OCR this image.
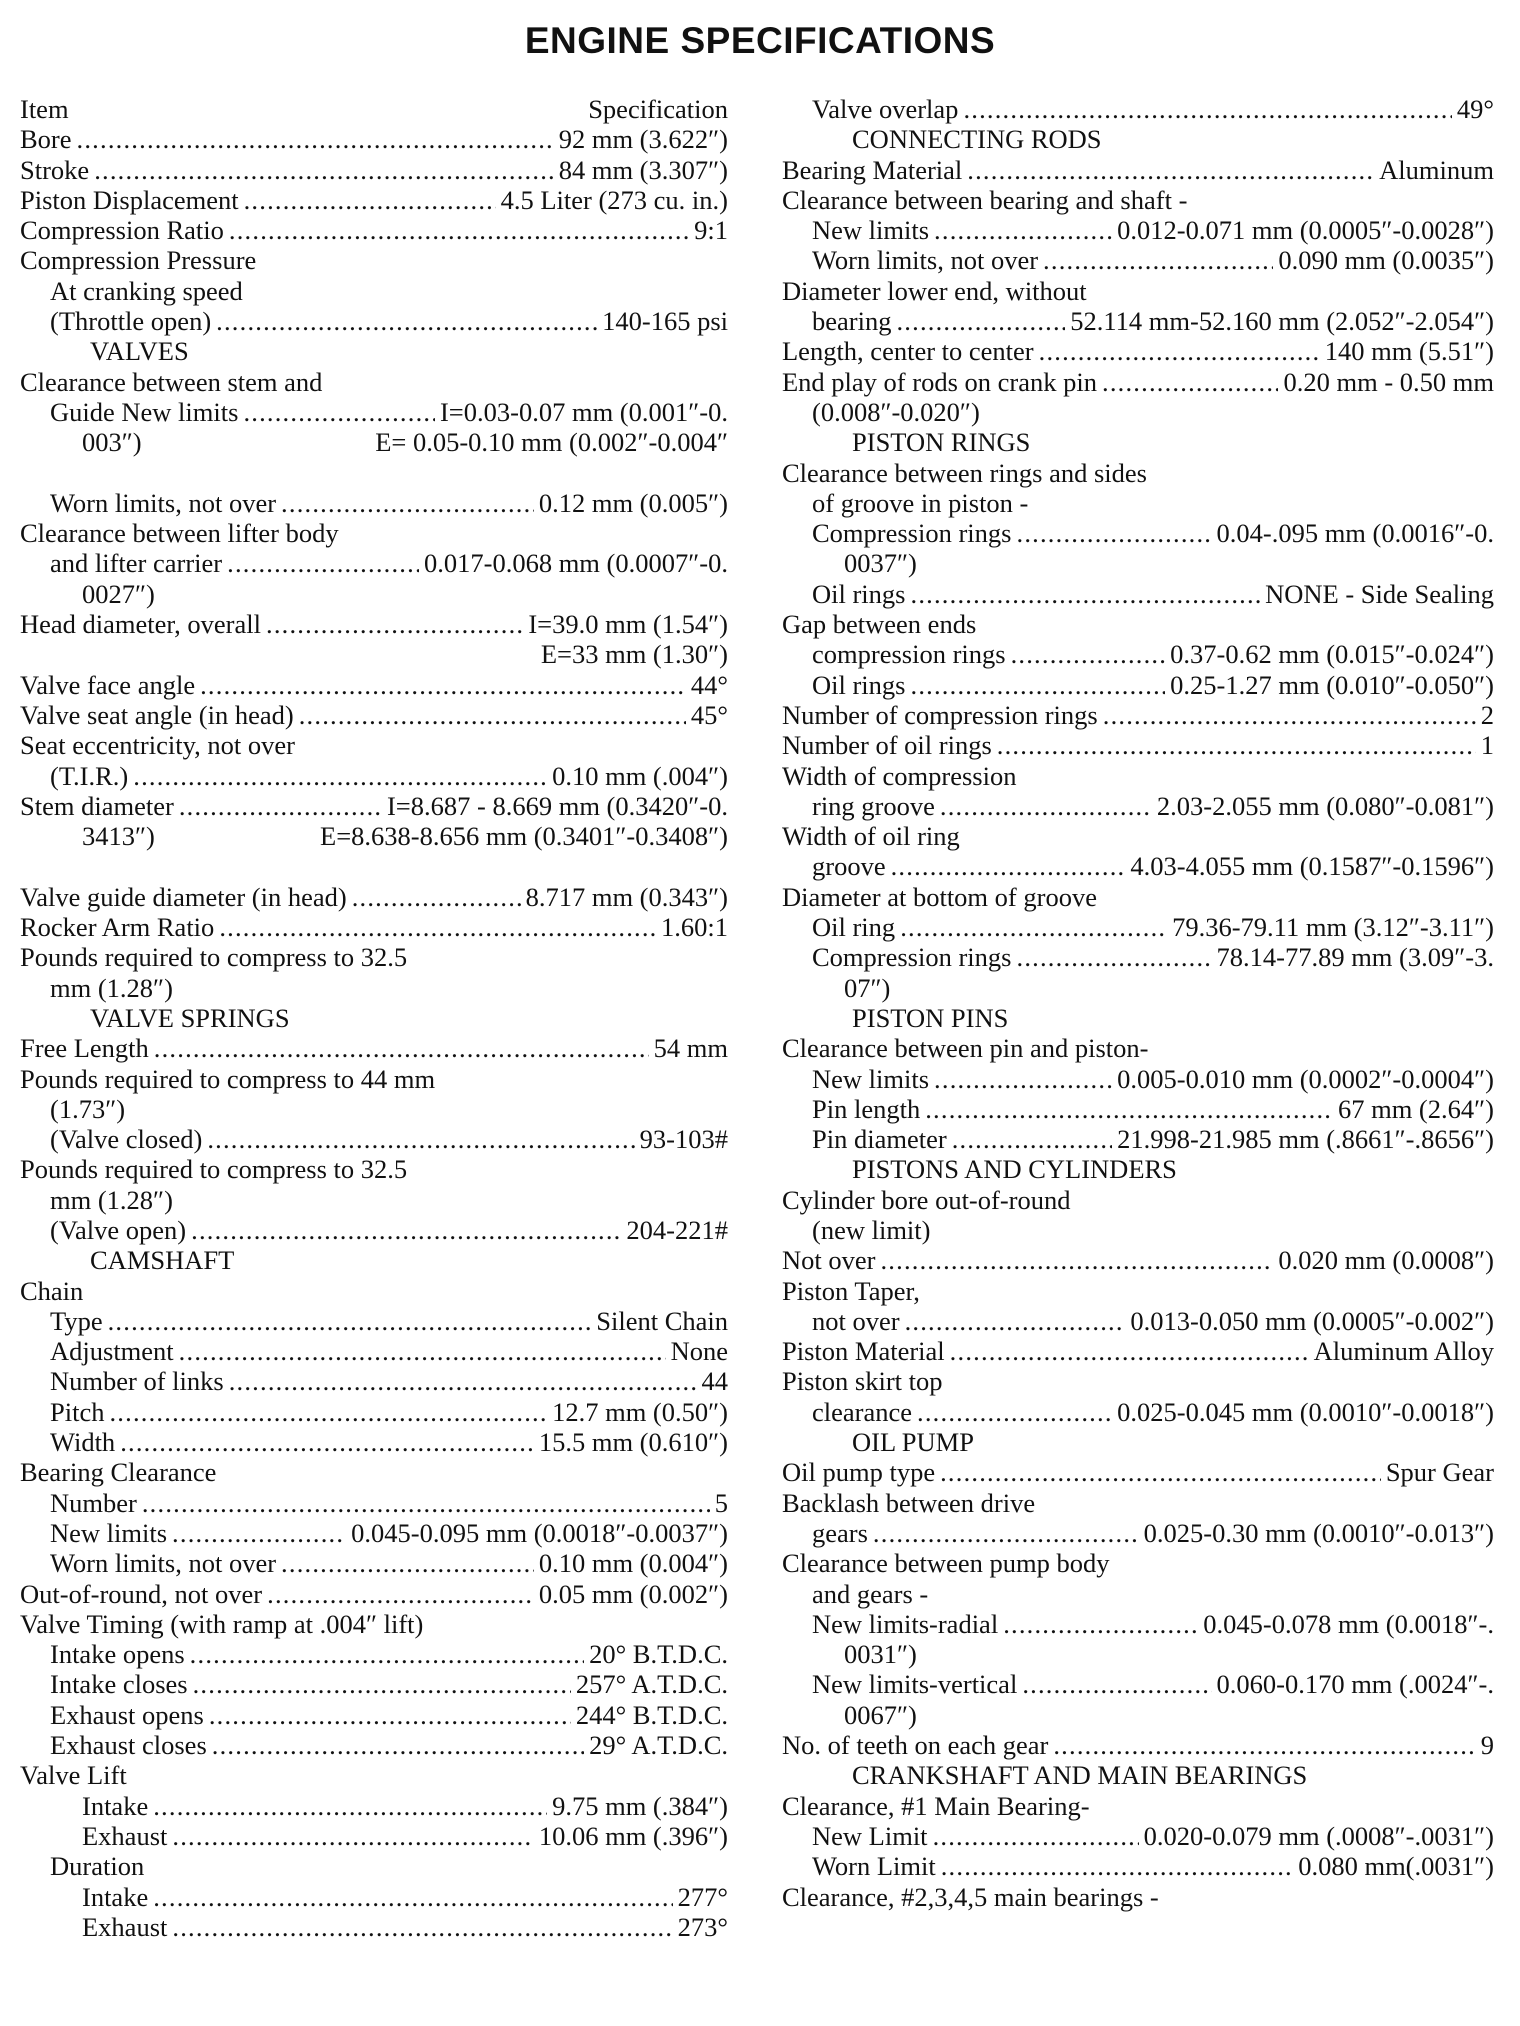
ENGINE SPECIFICATIONS
Item	Specification
Bore .....	92 mm (3.622″)
Stroke .....	84 mm (3.307″)
Piston Displacement .....	4.5 Liter (273 cu. in.)
Compression Ratio .....	9:1
Compression Pressure
At cranking speed
(Throttle open) .....	140-165 psi
VALVES
Clearance between stem and
Guide New limits .....	I=0.03-0.07 mm (0.001″-0.
003″)	E= 0.05-0.10 mm (0.002″-0.004″
Worn limits, not over .....	0.12 mm (0.005″)
Clearance between lifter body
and lifter carrier .....	0.017-0.068 mm (0.0007″-0.
0027″)
Head diameter, overall .....	I=39.0 mm (1.54″)
E=33 mm (1.30″)
Valve face angle .....	44°
Valve seat angle (in head) .....	45°
Seat eccentricity, not over
(T.I.R.) .....	0.10 mm (.004″)
Stem diameter .....	I=8.687 - 8.669 mm (0.3420″-0.
3413″)	E=8.638-8.656 mm (0.3401″-0.3408″)
Valve guide diameter (in head) .....	8.717 mm (0.343″)
Rocker Arm Ratio .....	1.60:1
Pounds required to compress to 32.5
mm (1.28″)
VALVE SPRINGS
Free Length .....	54 mm
Pounds required to compress to 44 mm
(1.73″)
(Valve closed) .....	93-103#
Pounds required to compress to 32.5
mm (1.28″)
(Valve open) .....	204-221#
CAMSHAFT
Chain
Type .....	Silent Chain
Adjustment .....	None
Number of links .....	44
Pitch .....	12.7 mm (0.50″)
Width .....	15.5 mm (0.610″)
Bearing Clearance
Number .....	5
New limits .....	0.045-0.095 mm (0.0018″-0.0037″)
Worn limits, not over .....	0.10 mm (0.004″)
Out-of-round, not over .....	0.05 mm (0.002″)
Valve Timing (with ramp at .004″ lift)
Intake opens .....	20° B.T.D.C.
Intake closes .....	257° A.T.D.C.
Exhaust opens .....	244° B.T.D.C.
Exhaust closes .....	29° A.T.D.C.
Valve Lift
Intake .....	9.75 mm (.384″)
Exhaust .....	10.06 mm (.396″)
Duration
Intake .....	277°
Exhaust .....	273°
Valve overlap .....	49°
CONNECTING RODS
Bearing Material .....	Aluminum
Clearance between bearing and shaft -
New limits .....	0.012-0.071 mm (0.0005″-0.0028″)
Worn limits, not over .....	0.090 mm (0.0035″)
Diameter lower end, without
bearing .....	52.114 mm-52.160 mm (2.052″-2.054″)
Length, center to center .....	140 mm (5.51″)
End play of rods on crank pin .....	0.20 mm - 0.50 mm
(0.008″-0.020″)
PISTON RINGS
Clearance between rings and sides
of groove in piston -
Compression rings .....	0.04-.095 mm (0.0016″-0.
0037″)
Oil rings .....	NONE - Side Sealing
Gap between ends
compression rings .....	0.37-0.62 mm (0.015″-0.024″)
Oil rings .....	0.25-1.27 mm (0.010″-0.050″)
Number of compression rings .....	2
Number of oil rings .....	1
Width of compression
ring groove .....	2.03-2.055 mm (0.080″-0.081″)
Width of oil ring
groove .....	4.03-4.055 mm (0.1587″-0.1596″)
Diameter at bottom of groove
Oil ring .....	79.36-79.11 mm (3.12″-3.11″)
Compression rings .....	78.14-77.89 mm (3.09″-3.
07″)
PISTON PINS
Clearance between pin and piston-
New limits .....	0.005-0.010 mm (0.0002″-0.0004″)
Pin length .....	67 mm (2.64″)
Pin diameter .....	21.998-21.985 mm (.8661″-.8656″)
PISTONS AND CYLINDERS
Cylinder bore out-of-round
(new limit)
Not over .....	0.020 mm (0.0008″)
Piston Taper,
not over .....	0.013-0.050 mm (0.0005″-0.002″)
Piston Material .....	Aluminum Alloy
Piston skirt top
clearance .....	0.025-0.045 mm (0.0010″-0.0018″)
OIL PUMP
Oil pump type .....	Spur Gear
Backlash between drive
gears .....	0.025-0.30 mm (0.0010″-0.013″)
Clearance between pump body
and gears -
New limits-radial .....	0.045-0.078 mm (0.0018″-.
0031″)
New limits-vertical .....	0.060-0.170 mm (.0024″-.
0067″)
No. of teeth on each gear .....	9
CRANKSHAFT AND MAIN BEARINGS
Clearance, #1 Main Bearing-
New Limit .....	0.020-0.079 mm (.0008″-.0031″)
Worn Limit .....	0.080 mm(.0031″)
Clearance, #2,3,4,5 main bearings -
